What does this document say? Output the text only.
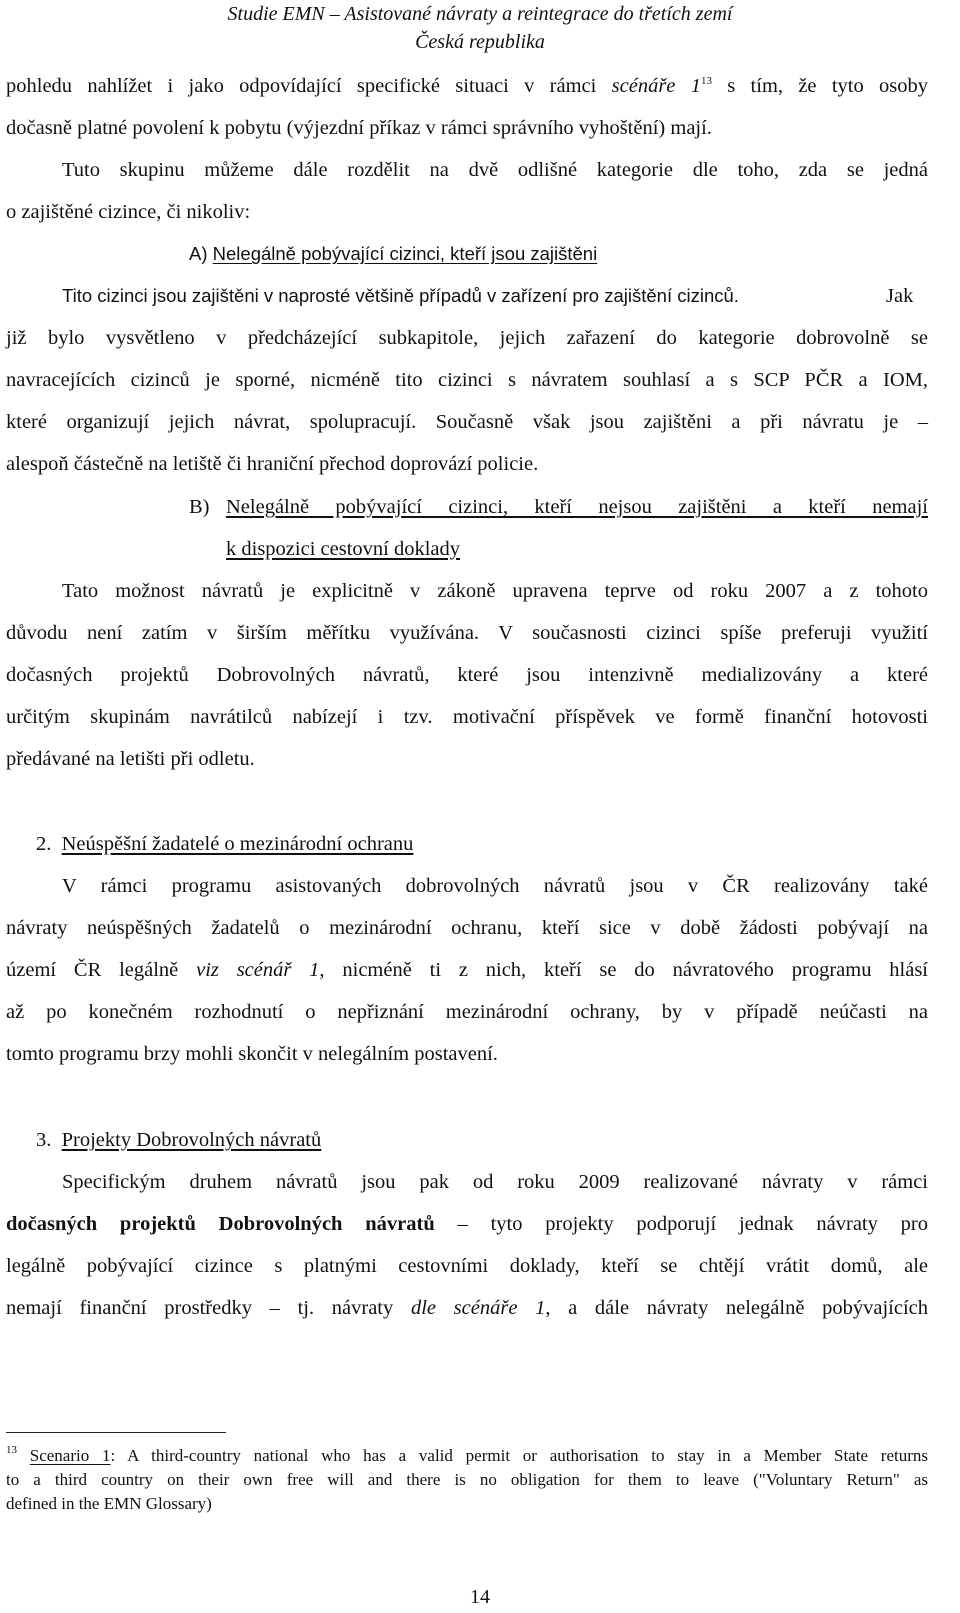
Studie EMN – Asistované návraty a reintegrace do třetích zemí
Česká republika
pohledu nahlížet i jako odpovídající specifické situaci v rámci scénáře $1^{13}$ s tím, že tyto osoby
dočasně platné povolení k pobytu (výjezdní příkaz v rámci správního vyhoštění) mají.
Tuto skupinu můžeme dále rozdělit na dvě odlišné kategorie dle toho, zda se jedná
o zajištěné cizince, či nikoliv:
A) Nelegálně pobývající cizinci, kteří jsou zajištěni
Tito cizinci jsou zajištěni v naprosté většině případů v zařízení pro zajištění cizinců.	Jak
již bylo vysvětleno v předcházející subkapitole, jejich zařazení do kategorie dobrovolně se
navracejících cizinců je sporné, nicméně tito cizinci s návratem souhlasí a s SCP PČR a IOM,
které organizují jejich návrat, spolupracují. Současně však jsou zajištěni a při návratu je –
alespoň částečně na letiště či hraniční přechod doprovází policie.
B) Nelegálně pobývající cizinci, kteří nejsou zajištěni a kteří nemají
k dispozici cestovní doklady
Tato možnost návratů je explicitně v zákoně upravena teprve od roku 2007 a z tohoto
důvodu není zatím v širším měřítku využívána. V současnosti cizinci spíše preferuji využití
dočasných projektů Dobrovolných návratů, které jsou intenzivně medializovány a které
určitým skupinám navrátilců nabízejí i tzv. motivační příspěvek ve formě finanční hotovosti
předávané na letišti při odletu.
2. Neúspěšní žadatelé o mezinárodní ochranu
V rámci programu asistovaných dobrovolných návratů jsou v ČR realizovány také
návraty neúspěšných žadatelů o mezinárodní ochranu, kteří sice v době žádosti pobývají na
území ČR legálně viz scénář 1, nicméně ti z nich, kteří se do návratového programu hlásí
až po konečném rozhodnutí o nepřiznání mezinárodní ochrany, by v případě neúčasti na
tomto programu brzy mohli skončit v nelegálním postavení.
3. Projekty Dobrovolných návratů
Specifickým druhem návratů jsou pak od roku 2009 realizované návraty v rámci
dočasných projektů Dobrovolných návratů – tyto projekty podporují jednak návraty pro
legálně pobývající cizince s platnými cestovními doklady, kteří se chtějí vrátit domů, ale
nemají finanční prostředky – tj. návraty dle scénáře 1, a dále návraty nelegálně pobývajících
$^{13}$ Scenario 1: A third-country national who has a valid permit or authorisation to stay in a Member State returns
to a third country on their own free will and there is no obligation for them to leave ("Voluntary Return" as
defined in the EMN Glossary)
14
